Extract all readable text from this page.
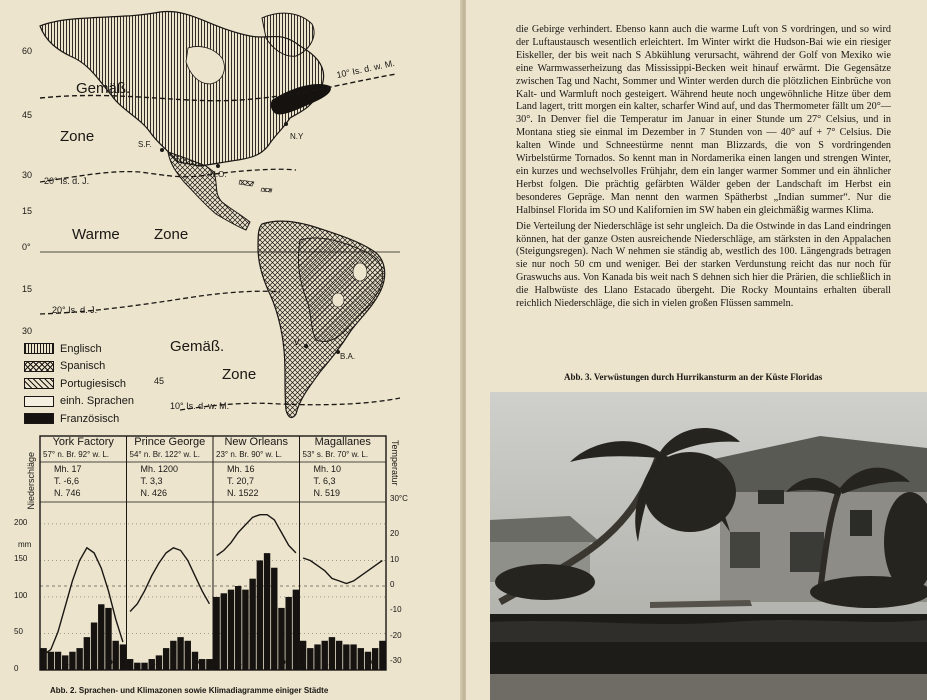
Gemäß.
Zone
Warme Zone
Gemäß.
Zone
60
45
30
15
0°
15
30
45
10° Is. d. w. M.
20° Is. d. J.
20° Is. d. J.
10° Is. d. w. M.
S.F.
N.Y
N.O.
V.
B.A.
Englisch
Spanisch
Portugiesisch
einh. Sprachen
Französisch
Niederschläge	Temperatur
mm
30°C
200
150
100
50
0
20
10
0
-10
-20
-30
York Factory
57° n. Br. 92° w. L.
Mh. 17
T. -6,6
N. 746
J A J O
Prince George
54° n. Br. 122° w. L.
Mh. 1200
T. 3,3
N. 426
J A J O
New Orleans
23° n. Br. 90° w. L.
Mh. 16
T. 20,7
N. 1522
J A J O
Magallanes
53° s. Br. 70° w. L.
Mh. 10
T. 6,3
N. 519
J A J O
Abb. 2. Sprachen- und Klimazonen sowie Klimadiagramme einiger Städte

die Gebirge verhindert. Ebenso kann auch die warme Luft von S vordringen, und so wird der Luftaustausch wesentlich erleichtert. Im Winter wirkt die Hudson-Bai wie ein riesiger Eiskeller, der bis weit nach S Abkühlung verursacht, während der Golf von Mexiko wie eine Warmwasserheizung das Mississippi-Becken weit hinauf erwärmt. Die Gegensätze zwischen Tag und Nacht, Sommer und Winter werden durch die plötzlichen Einbrüche von Kalt- und Warmluft noch gesteigert. Während heute noch ungewöhnliche Hitze über dem Land lagert, tritt morgen ein kalter, scharfer Wind auf, und das Thermometer fällt um 20°—30°. In Denver fiel die Temperatur im Januar in einer Stunde um 27° Celsius, und in Montana stieg sie einmal im Dezember in 7 Stunden von — 40° auf + 7° Celsius. Die kalten Winde und Schneestürme nennt man Blizzards, die von S vordringenden Wirbelstürme Tornados. So kennt man in Nordamerika einen langen und strengen Winter, ein kurzes und wechselvolles Frühjahr, dem ein langer warmer Sommer und ein ähnlicher Herbst folgen. Die prächtig gefärbten Wälder geben der Landschaft im Herbst ein besonderes Gepräge. Man nennt den warmen Spätherbst „Indian summer“. Nur die Halbinsel Florida im SO und Kalifornien im SW haben ein gleichmäßig warmes Klima.

Die Verteilung der Niederschläge ist sehr ungleich. Da die Ostwinde in das Land eindringen können, hat der ganze Osten ausreichende Niederschläge, am stärksten in den Appalachen (Steigungsregen). Nach W nehmen sie ständig ab, westlich des 100. Längengrads betragen sie nur noch 50 cm und weniger. Bei der starken Verdunstung reicht das nur noch für Graswuchs aus. Von Kanada bis weit nach S dehnen sich hier die Prärien, die schließlich in die Halbwüste des Llano Estacado übergeht. Die Rocky Mountains erhalten überall reichlich Niederschläge, die sich in vielen großen Flüssen sammeln.

Abb. 3. Verwüstungen durch Hurrikansturm an der Küste Floridas
